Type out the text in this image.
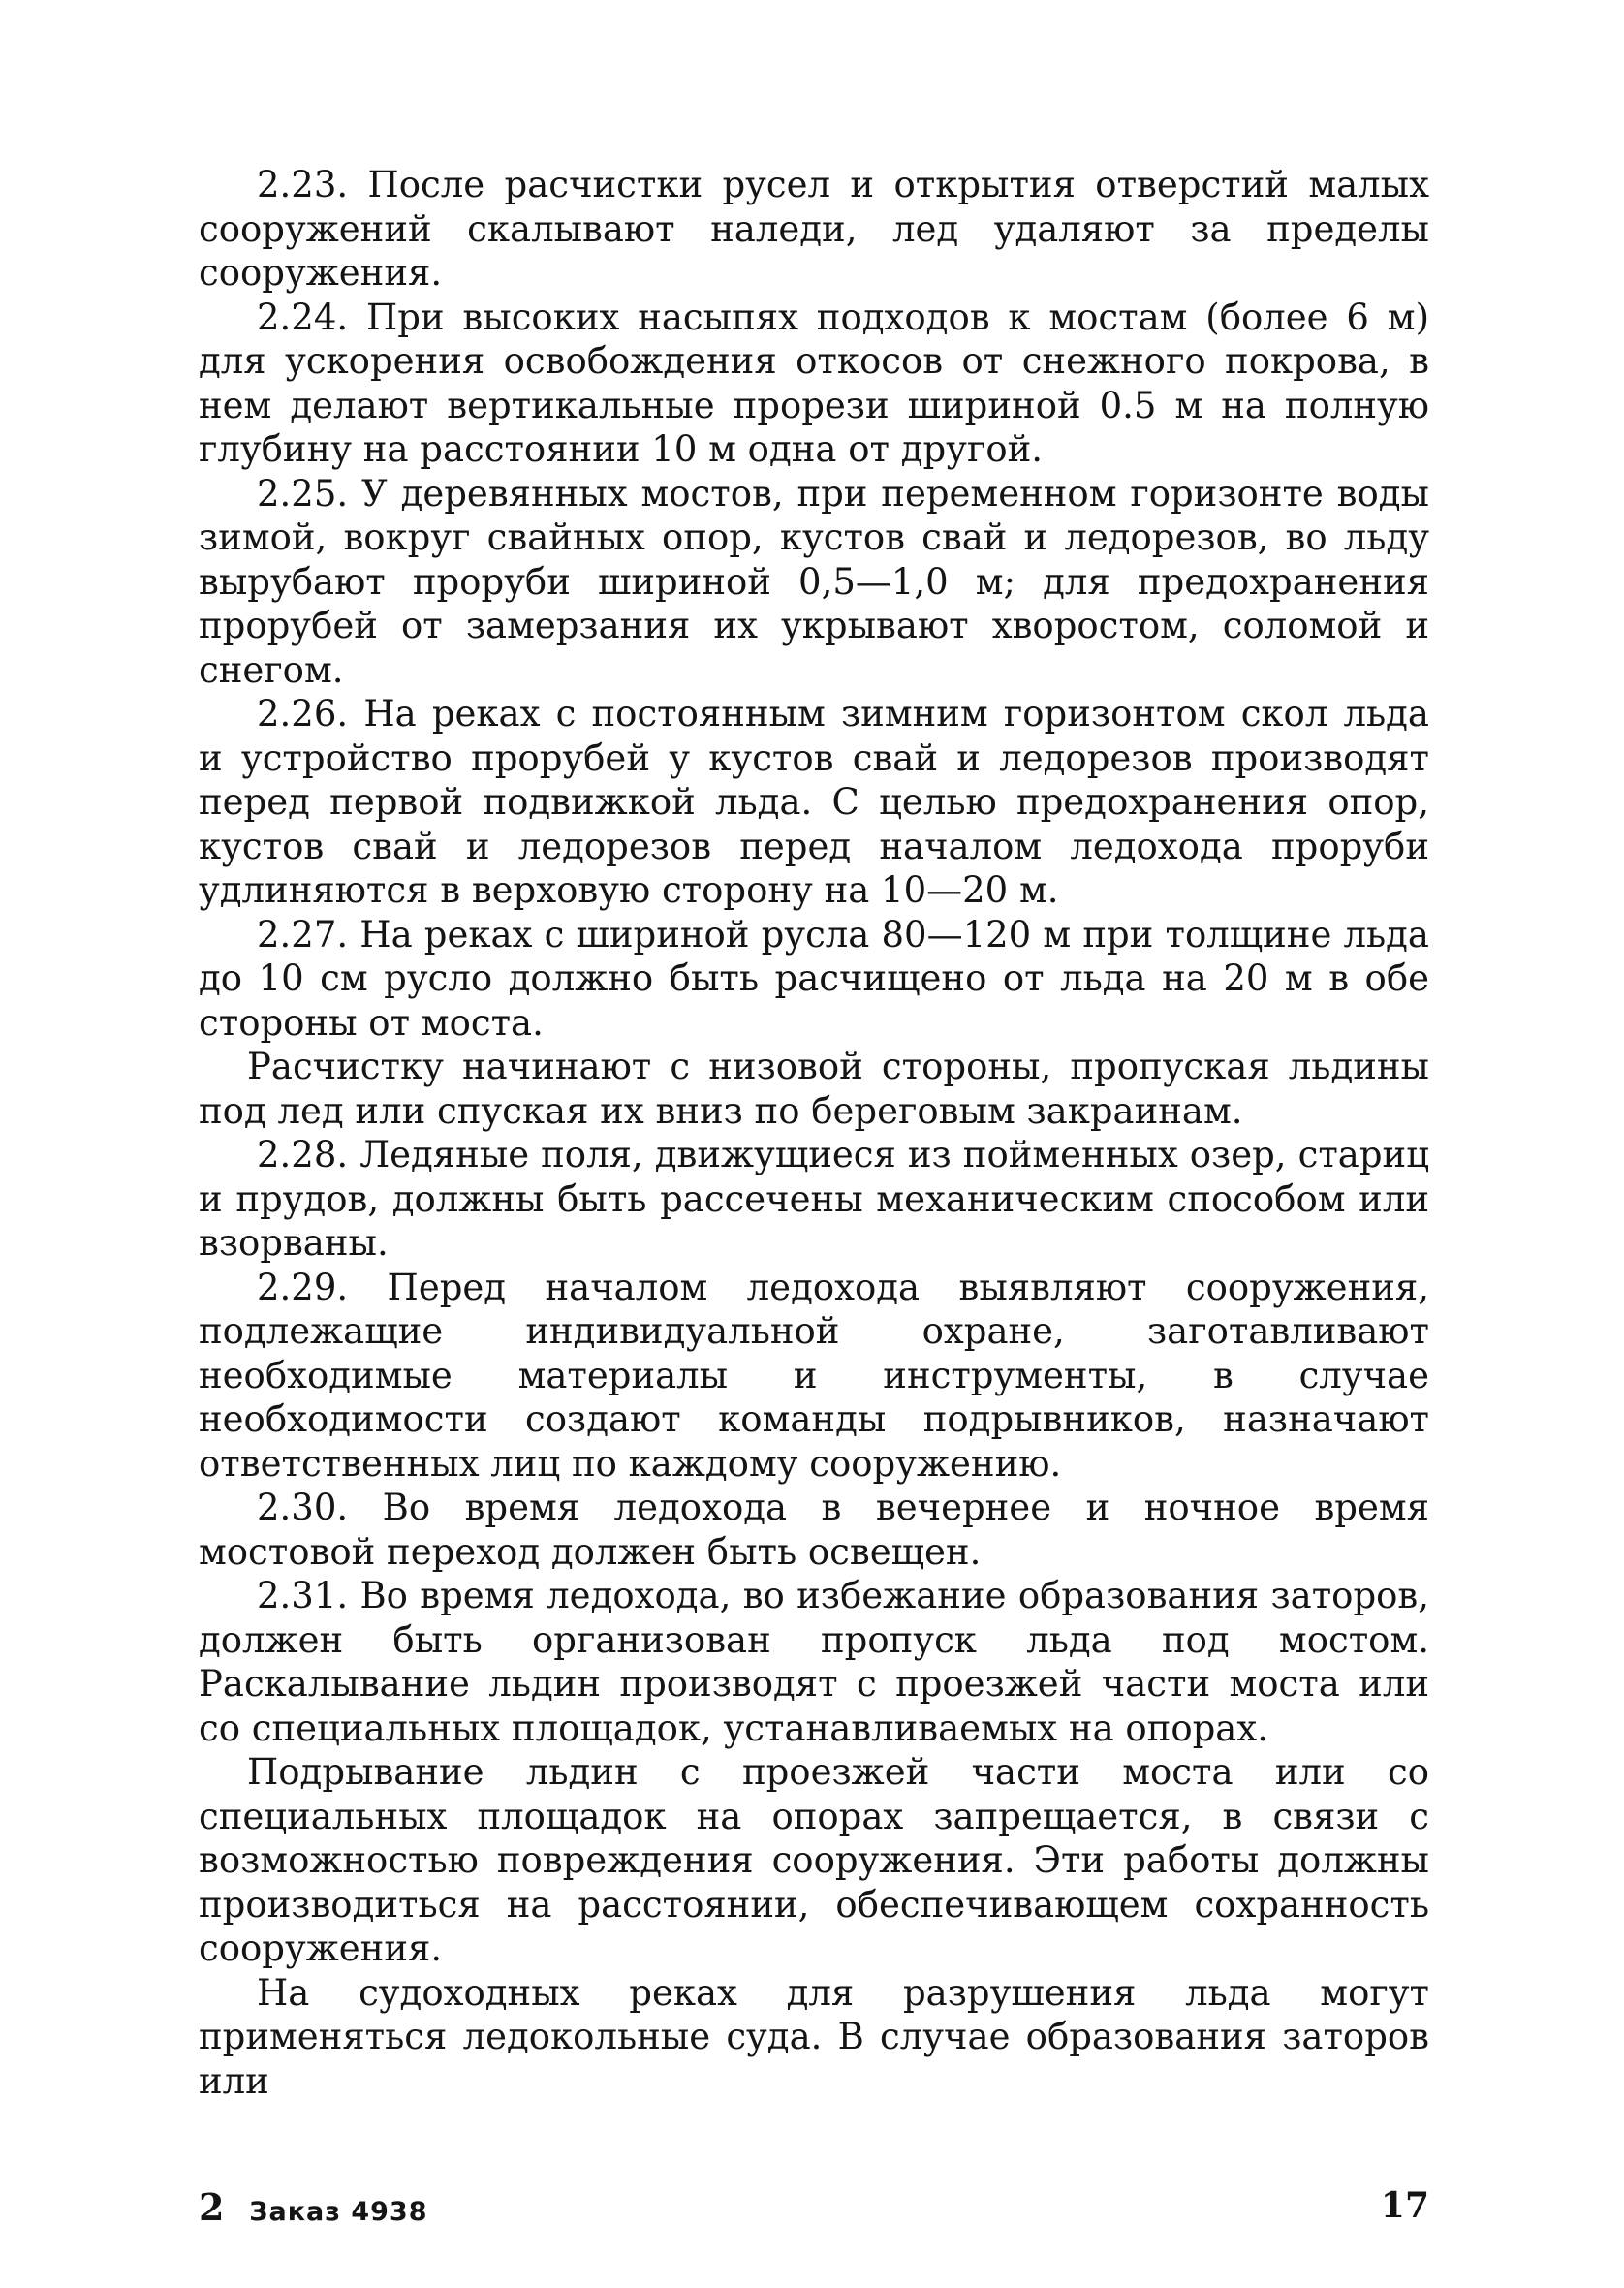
2.23. После расчистки русел и открытия отверстий малых сооружений скалывают наледи, лед удаляют за пределы сооружения.

2.24. При высоких насыпях подходов к мостам (более 6 м) для ускорения освобождения откосов от снежного покрова, в нем делают вертикальные прорези шириной 0.5 м на полную глубину на расстоянии 10 м одна от другой.

2.25. У деревянных мостов, при переменном горизонте воды зимой, вокруг свайных опор, кустов свай и ледорезов, во льду вырубают проруби шириной 0,5—1,0 м; для предохранения прорубей от замерзания их укрывают хворостом, соломой и снегом.

2.26. На реках с постоянным зимним горизонтом скол льда и устройство прорубей у кустов свай и ледорезов производят перед первой подвижкой льда. С целью предохранения опор, кустов свай и ледорезов перед началом ледохода проруби удлиняются в верховую сторону на 10—20 м.

2.27. На реках с шириной русла 80—120 м при толщине льда до 10 см русло должно быть расчищено от льда на 20 м в обе стороны от моста.

Расчистку начинают с низовой стороны, пропуская льдины под лед или спуская их вниз по береговым закраинам.

2.28. Ледяные поля, движущиеся из пойменных озер, стариц и прудов, должны быть рассечены механическим способом или взорваны.

2.29. Перед началом ледохода выявляют сооружения, подлежащие индивидуальной охране, заготавливают необходимые материалы и инструменты, в случае необходимости создают команды подрывников, назначают ответственных лиц по каждому сооружению.

2.30. Во время ледохода в вечернее и ночное время мостовой переход должен быть освещен.

2.31. Во время ледохода, во избежание образования заторов, должен быть организован пропуск льда под мостом. Раскалывание льдин производят с проезжей части моста или со специальных площадок, устанавливаемых на опорах.

Подрывание льдин с проезжей части моста или со специальных площадок на опорах запрещается, в связи с возможностью повреждения сооружения. Эти работы должны производиться на расстоянии, обеспечивающем сохранность сооружения.

На судоходных реках для разрушения льда могут применяться ледокольные суда. В случае образования заторов или

2 Заказ 4938	17
